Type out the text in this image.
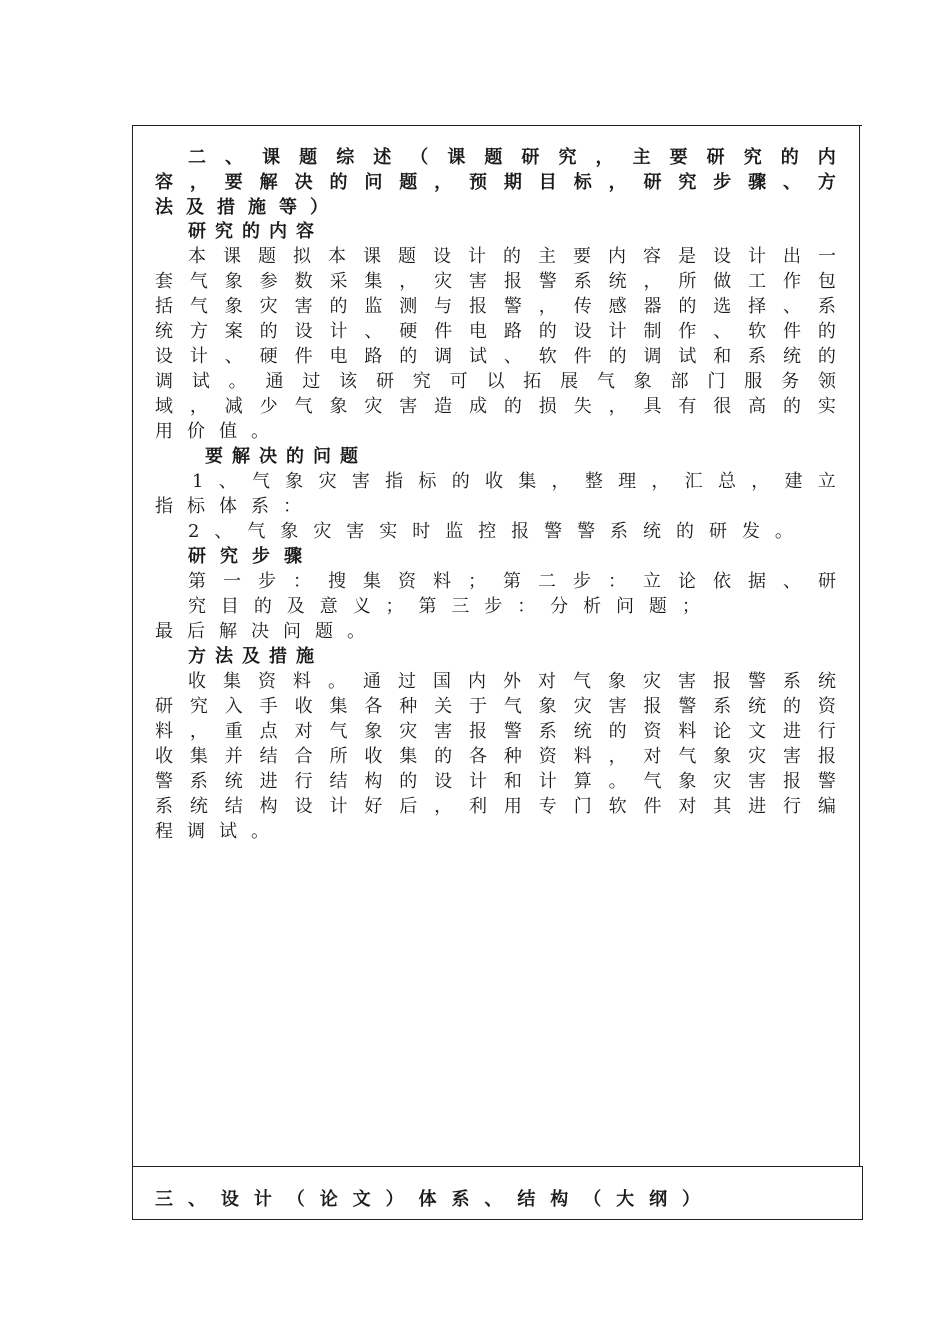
二 、 课 题 综 述 （ 课 题 研 究 ， 主 要 研 究 的 内
容 ， 要 解 决 的 问 题 ， 预 期 目 标 ， 研 究 步 骤 、 方
法及措施等）
研究的内容
本 课 题 拟 本 课 题 设 计 的 主 要 内 容 是 设 计 出 一
套 气 象 参 数 采 集 ， 灾 害 报 警 系 统 ， 所 做 工 作 包
括 气 象 灾 害 的 监 测 与 报 警 ， 传 感 器 的 选 择 、 系
统 方 案 的 设 计 、 硬 件 电 路 的 设 计 制 作 、 软 件 的
设 计 、 硬 件 电 路 的 调 试 、 软 件 的 调 试 和 系 统 的
调 试 。 通 过 该 研 究 可 以 拓 展 气 象 部 门 服 务 领
域 ， 减 少 气 象 灾 害 造 成 的 损 失 ， 具 有 很 高 的 实
用价值。
要解决的问题
1 、 气 象 灾 害 指 标 的 收 集 ， 整 理 ， 汇 总 ， 建 立
指标体系：
2 、 气 象 灾 害 实 时 监 控 报 警 警 系 统 的 研 发 。
研究步骤
第 一 步 ： 搜 集 资 料 ； 第 二 步 ： 立 论 依 据 、 研
究 目 的 及 意 义 ； 第 三 步 ： 分 析 问 题 ；
最后解决问题。
方法及措施
收 集 资 料 。 通 过 国 内 外 对 气 象 灾 害 报 警 系 统
研 究 入 手 收 集 各 种 关 于 气 象 灾 害 报 警 系 统 的 资
料 ， 重 点 对 气 象 灾 害 报 警 系 统 的 资 料 论 文 进 行
收 集 并 结 合 所 收 集 的 各 种 资 料 ， 对 气 象 灾 害 报
警 系 统 进 行 结 构 的 设 计 和 计 算 。 气 象 灾 害 报 警
系 统 结 构 设 计 好 后 ， 利 用 专 门 软 件 对 其 进 行 编
程调试。
三 、 设 计 （ 论 文 ） 体 系 、 结 构 （ 大 纲 ）
